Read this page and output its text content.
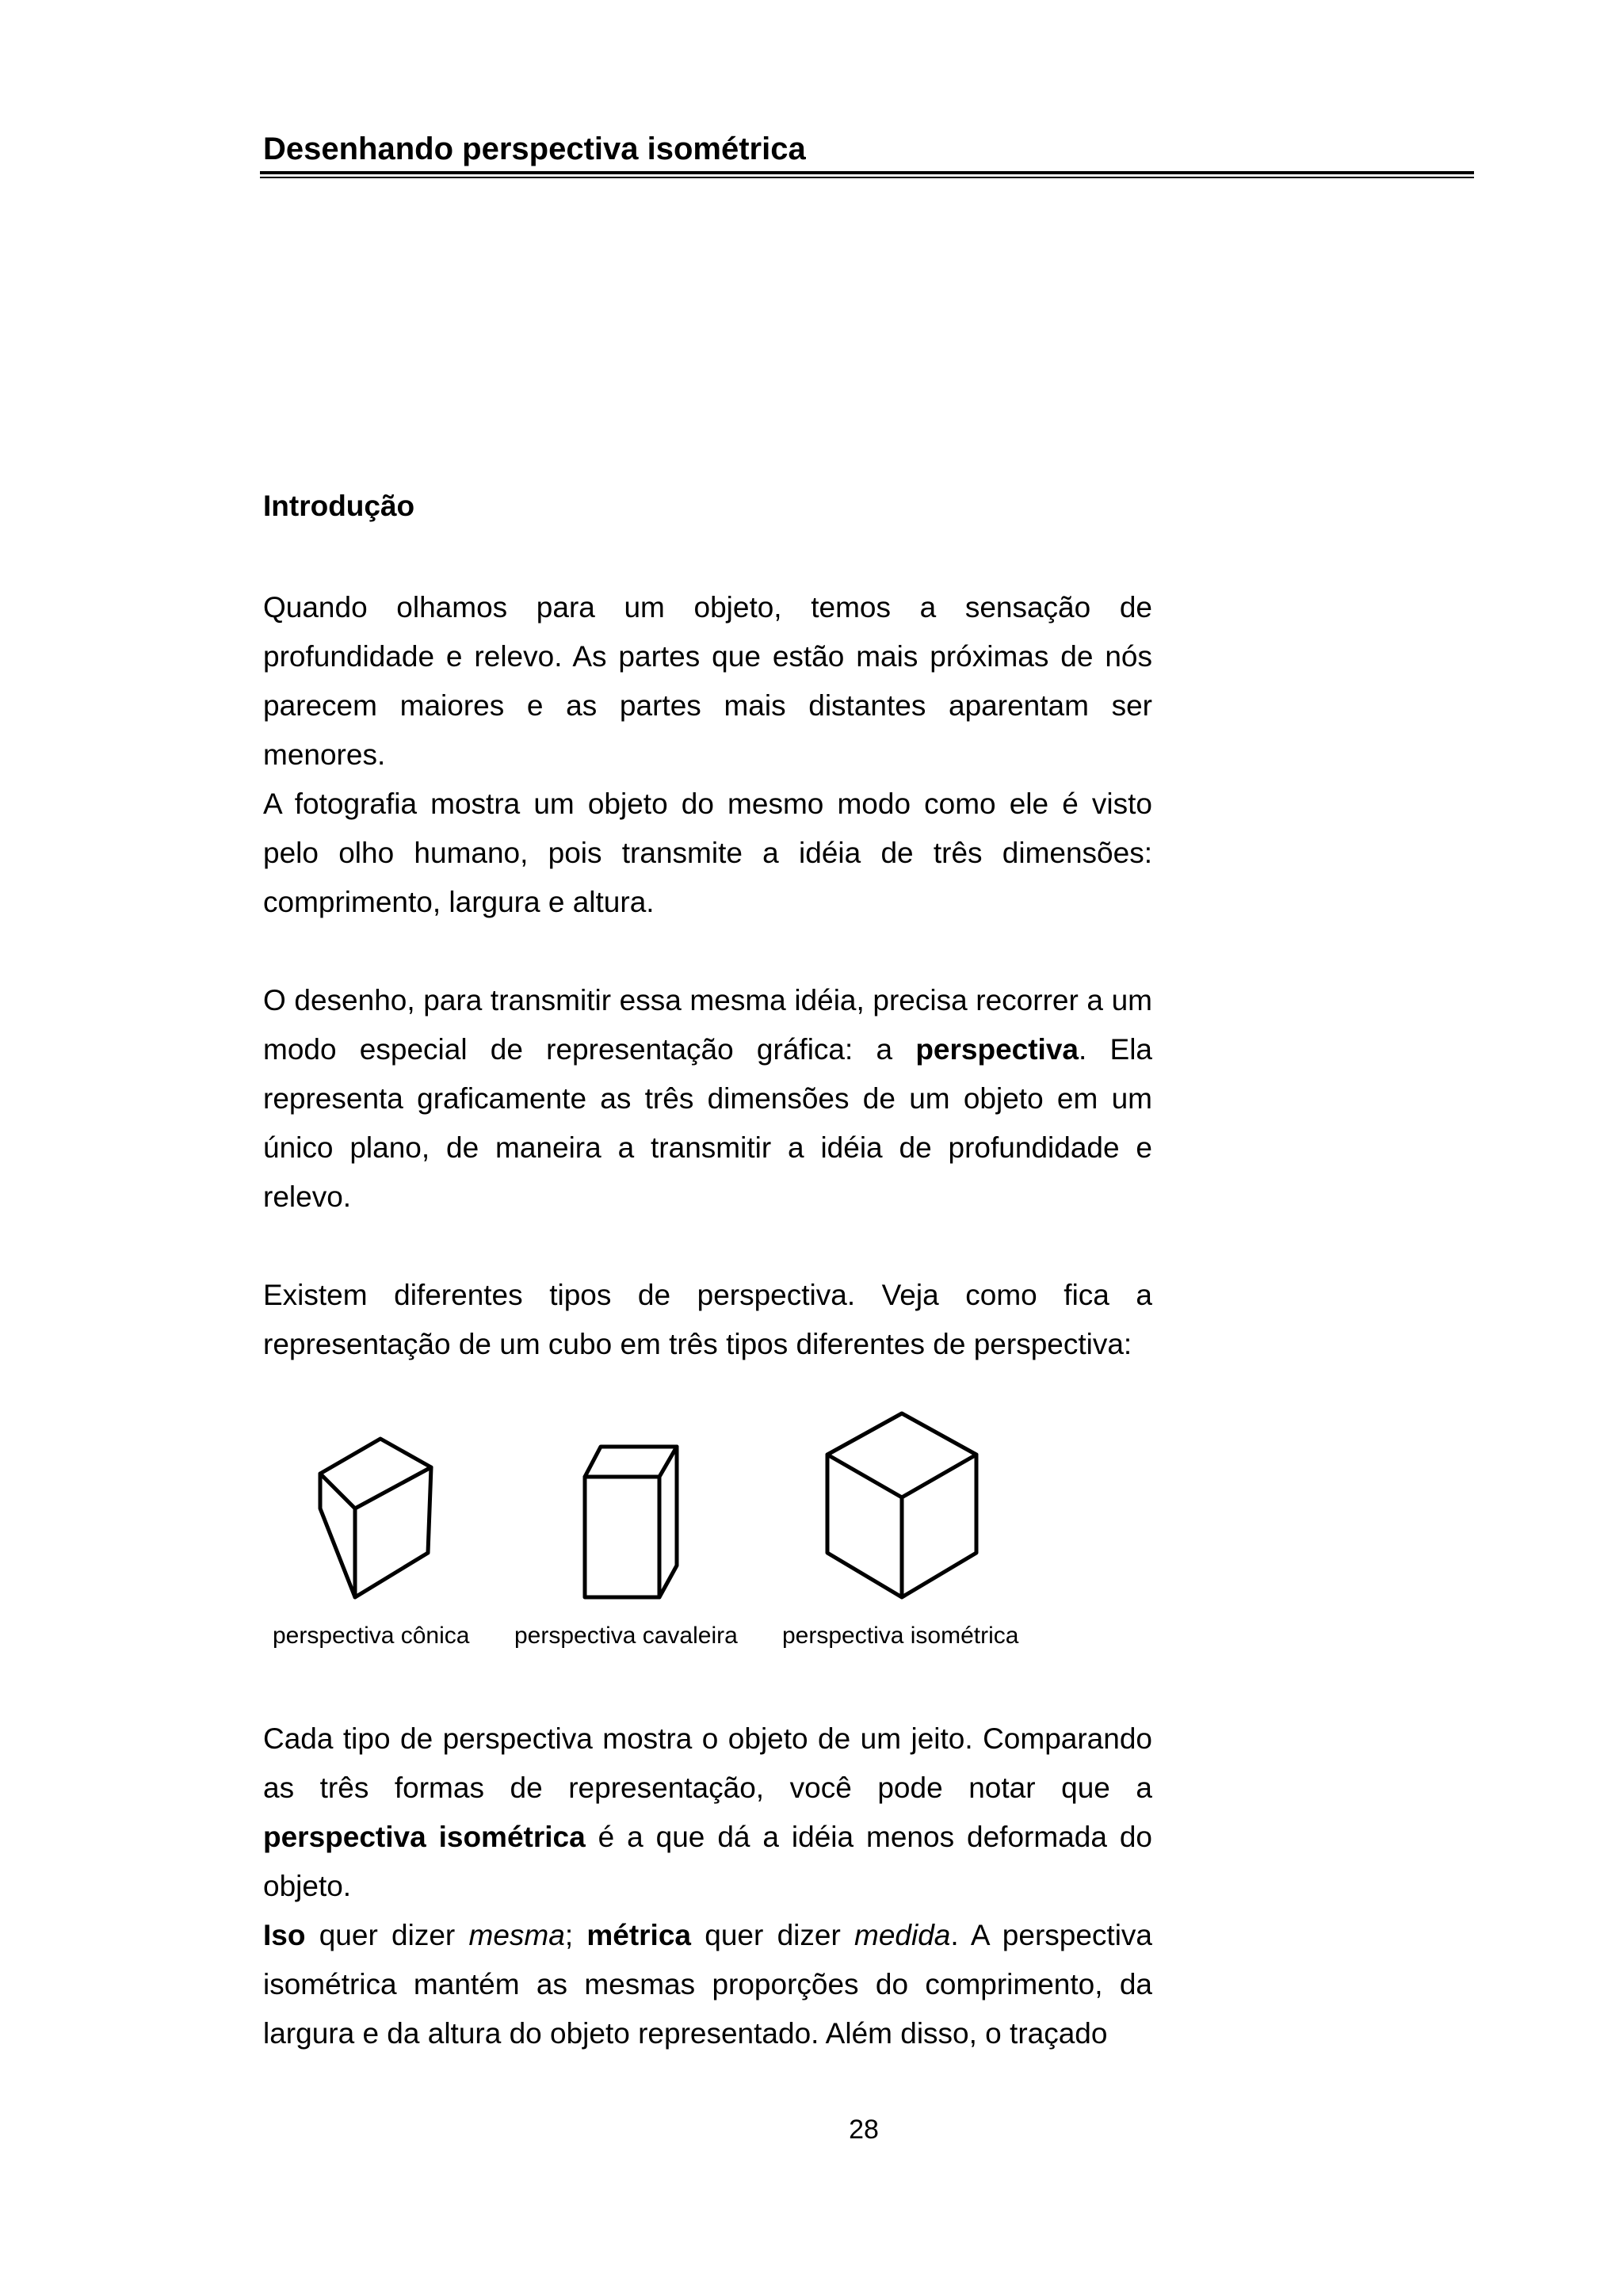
Desenhando perspectiva isométrica
Introdução

Quando olhamos para um objeto, temos a sensação de profundidade e relevo. As partes que estão mais próximas de nós parecem maiores e as partes mais distantes aparentam ser menores.

A fotografia mostra um objeto do mesmo modo como ele é visto pelo olho humano, pois transmite a idéia de três dimensões: comprimento, largura e altura.

O desenho, para transmitir essa mesma idéia, precisa recorrer a um modo especial de representação gráfica: a perspectiva. Ela representa graficamente as três dimensões de um objeto em um único plano, de maneira a transmitir a idéia de profundidade e relevo.

Existem diferentes tipos de perspectiva. Veja como fica a representação de um cubo em três tipos diferentes de perspectiva:

perspectiva cônica perspectiva cavaleira perspectiva isométrica

Cada tipo de perspectiva mostra o objeto de um jeito. Comparando as três formas de representação, você pode notar que a perspectiva isométrica é a que dá a idéia menos deformada do objeto.

Iso quer dizer mesma; métrica quer dizer medida. A perspectiva isométrica mantém as mesmas proporções do comprimento, da largura e da altura do objeto representado. Além disso, o traçado

28
